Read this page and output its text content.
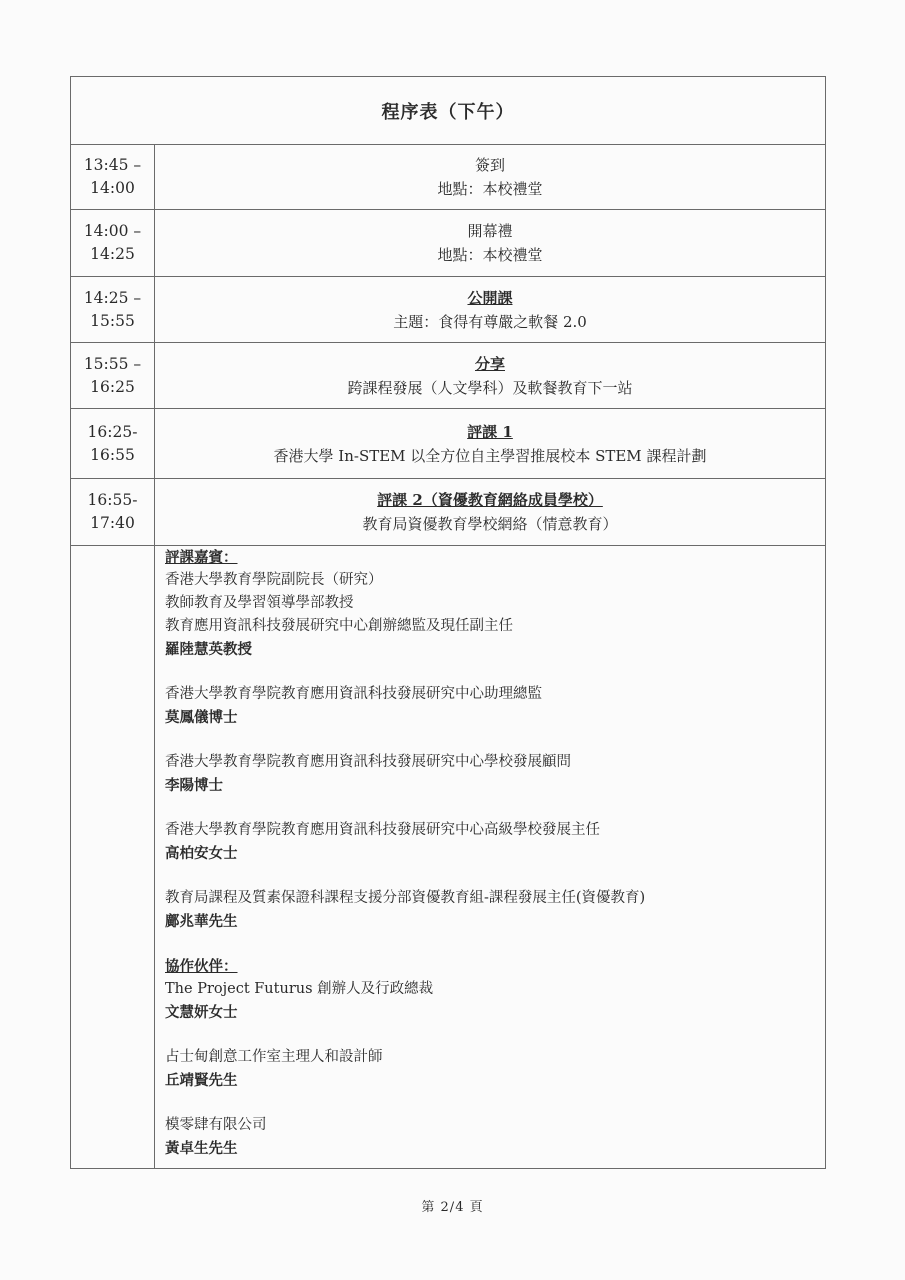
程序表（下午）
13:45 –
14:00
簽到
地點：本校禮堂
14:00 –
14:25
開幕禮
地點：本校禮堂
14:25 –
15:55
公開課
主題：食得有尊嚴之軟餐 2.0
15:55 –
16:25
分享
跨課程發展（人文學科）及軟餐教育下一站
16:25-
16:55
評課 1
香港大學 In-STEM 以全方位自主學習推展校本 STEM 課程計劃
16:55-
17:40
評課 2（資優教育網絡成員學校）
教育局資優教育學校網絡（情意教育）
評課嘉賓：
香港大學教育學院副院長（研究）
教師教育及學習領導學部教授
教育應用資訊科技發展研究中心創辦總監及現任副主任
羅陸慧英教授
香港大學教育學院教育應用資訊科技發展研究中心助理總監
莫鳳儀博士
香港大學教育學院教育應用資訊科技發展研究中心學校發展顧問
李陽博士
香港大學教育學院教育應用資訊科技發展研究中心高級學校發展主任
高柏安女士
教育局課程及質素保證科課程支援分部資優教育組-課程發展主任(資優教育)
鄺兆華先生
協作伙伴：
The Project Futurus 創辦人及行政總裁
文慧妍女士
占士甸創意工作室主理人和設計師
丘靖賢先生
模零肆有限公司
黃卓生先生
第 2/4 頁
